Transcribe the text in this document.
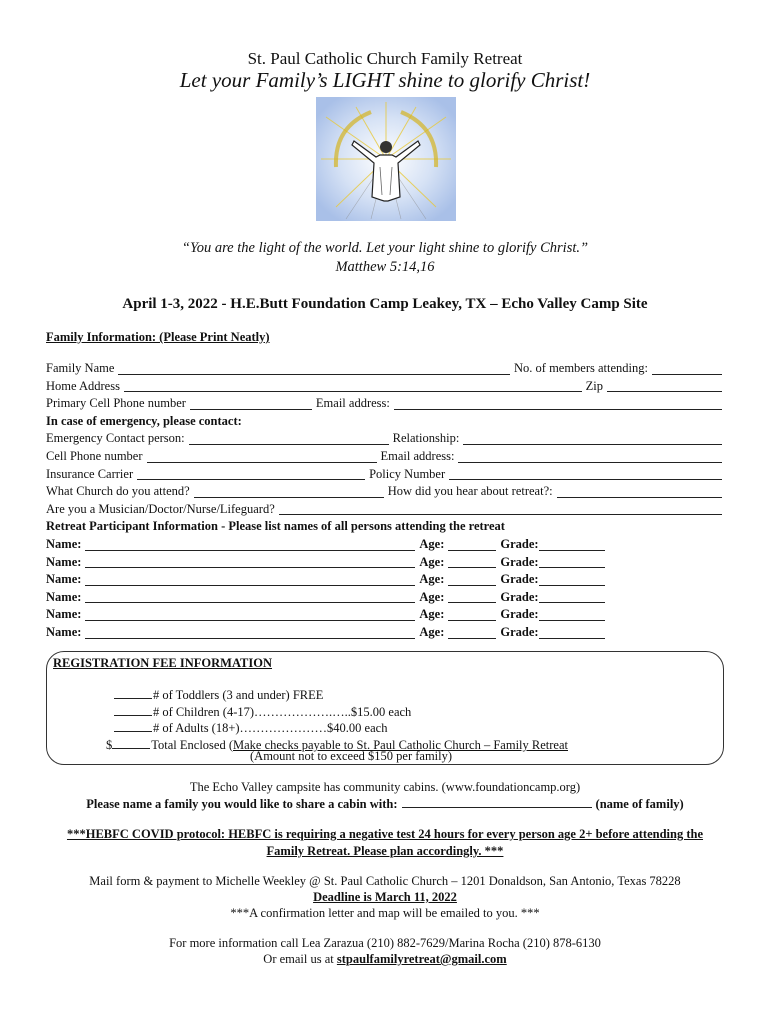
St. Paul Catholic Church Family Retreat
Let your Family’s LIGHT shine to glorify Christ!
“You are the light of the world. Let your light shine to glorify Christ.”
Matthew 5:14,16
April 1-3, 2022 - H.E.Butt Foundation Camp Leakey, TX – Echo Valley Camp Site
Family Information: (Please Print Neatly)
Family Name	No. of members attending:
Home Address	Zip
Primary Cell Phone number	Email address:
In case of emergency, please contact:
Emergency Contact person:	Relationship:
Cell Phone number	Email address:
Insurance Carrier	Policy Number
What Church do you attend?	How did you hear about retreat?:
Are you a Musician/Doctor/Nurse/Lifeguard?
Retreat Participant Information - Please list names of all persons attending the retreat
Name:	Age:	Grade:
Name:	Age:	Grade:
Name:	Age:	Grade:
Name:	Age:	Grade:
Name:	Age:	Grade:
Name:	Age:	Grade:
REGISTRATION FEE INFORMATION
# of Toddlers (3 and under) FREE
# of Children (4-17)……………….…..$15.00 each
# of Adults (18+)…………………$40.00 each
$	Total Enclosed (Make checks payable to St. Paul Catholic Church – Family Retreat
(Amount not to exceed $150 per family)
The Echo Valley campsite has community cabins. (www.foundationcamp.org)
Please name a family you would like to share a cabin with:	(name of family)
***HEBFC COVID protocol: HEBFC is requiring a negative test 24 hours for every person age 2+ before attending the
Family Retreat. Please plan accordingly. ***
Mail form & payment to Michelle Weekley @ St. Paul Catholic Church – 1201 Donaldson, San Antonio, Texas 78228
Deadline is March 11, 2022
***A confirmation letter and map will be emailed to you. ***
For more information call Lea Zarazua (210) 882-7629/Marina Rocha (210) 878-6130
Or email us at stpaulfamilyretreat@gmail.com
